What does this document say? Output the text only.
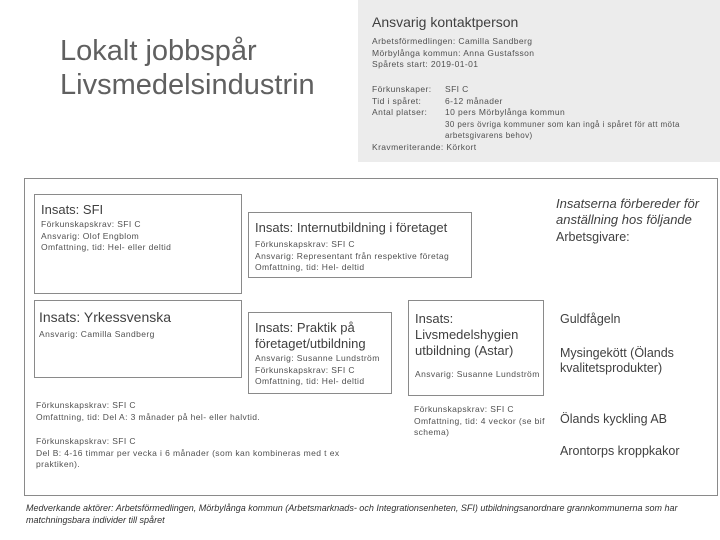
Lokalt jobbspår Livsmedelsindustrin
Ansvarig kontaktperson
Arbetsförmedlingen: Camilla Sandberg
Mörbylånga kommun: Anna Gustafsson
Spårets start: 2019-01-01
Förkunskaper:	SFI C
Tid i spåret:	6-12 månader
Antal platser:	10 pers Mörbylånga kommun
30 pers övriga kommuner som kan ingå i spåret för att möta arbetsgivarens behov)
Kravmeriterande: Körkort
Insats: SFI
Förkunskapskrav: SFI C
Ansvarig: Olof Engblom
Omfattning, tid: Hel- eller deltid
Insats: Internutbildning i företaget
Förkunskapskrav: SFI C
Ansvarig: Representant från respektive företag
Omfattning, tid: Hel- deltid
Insats: Yrkessvenska
Ansvarig: Camilla Sandberg
Förkunskapskrav: SFI C
Omfattning, tid: Del A: 3 månader på hel- eller halvtid.
Förkunskapskrav: SFI C
Del B: 4-16 timmar per vecka i 6 månader (som kan kombineras med t ex praktiken).
Insats: Praktik på företaget/utbildning
Ansvarig: Susanne Lundström
Förkunskapskrav: SFI C
Omfattning, tid: Hel- deltid
Insats: Livsmedelshygien utbildning (Astar)
Ansvarig: Susanne Lundström
Förkunskapskrav: SFI C
Omfattning, tid: 4 veckor (se bif schema)
Insatserna förbereder för anställning hos följande
Arbetsgivare:
Guldfågeln
Mysingekött (Ölands kvalitetsprodukter)
Ölands kyckling AB
Arontorps kroppkakor
Medverkande aktörer: Arbetsförmedlingen, Mörbylånga kommun (Arbetsmarknads- och Integrationsenheten, SFI) utbildningsanordnare grannkommunerna som har matchningsbara individer till spåret
